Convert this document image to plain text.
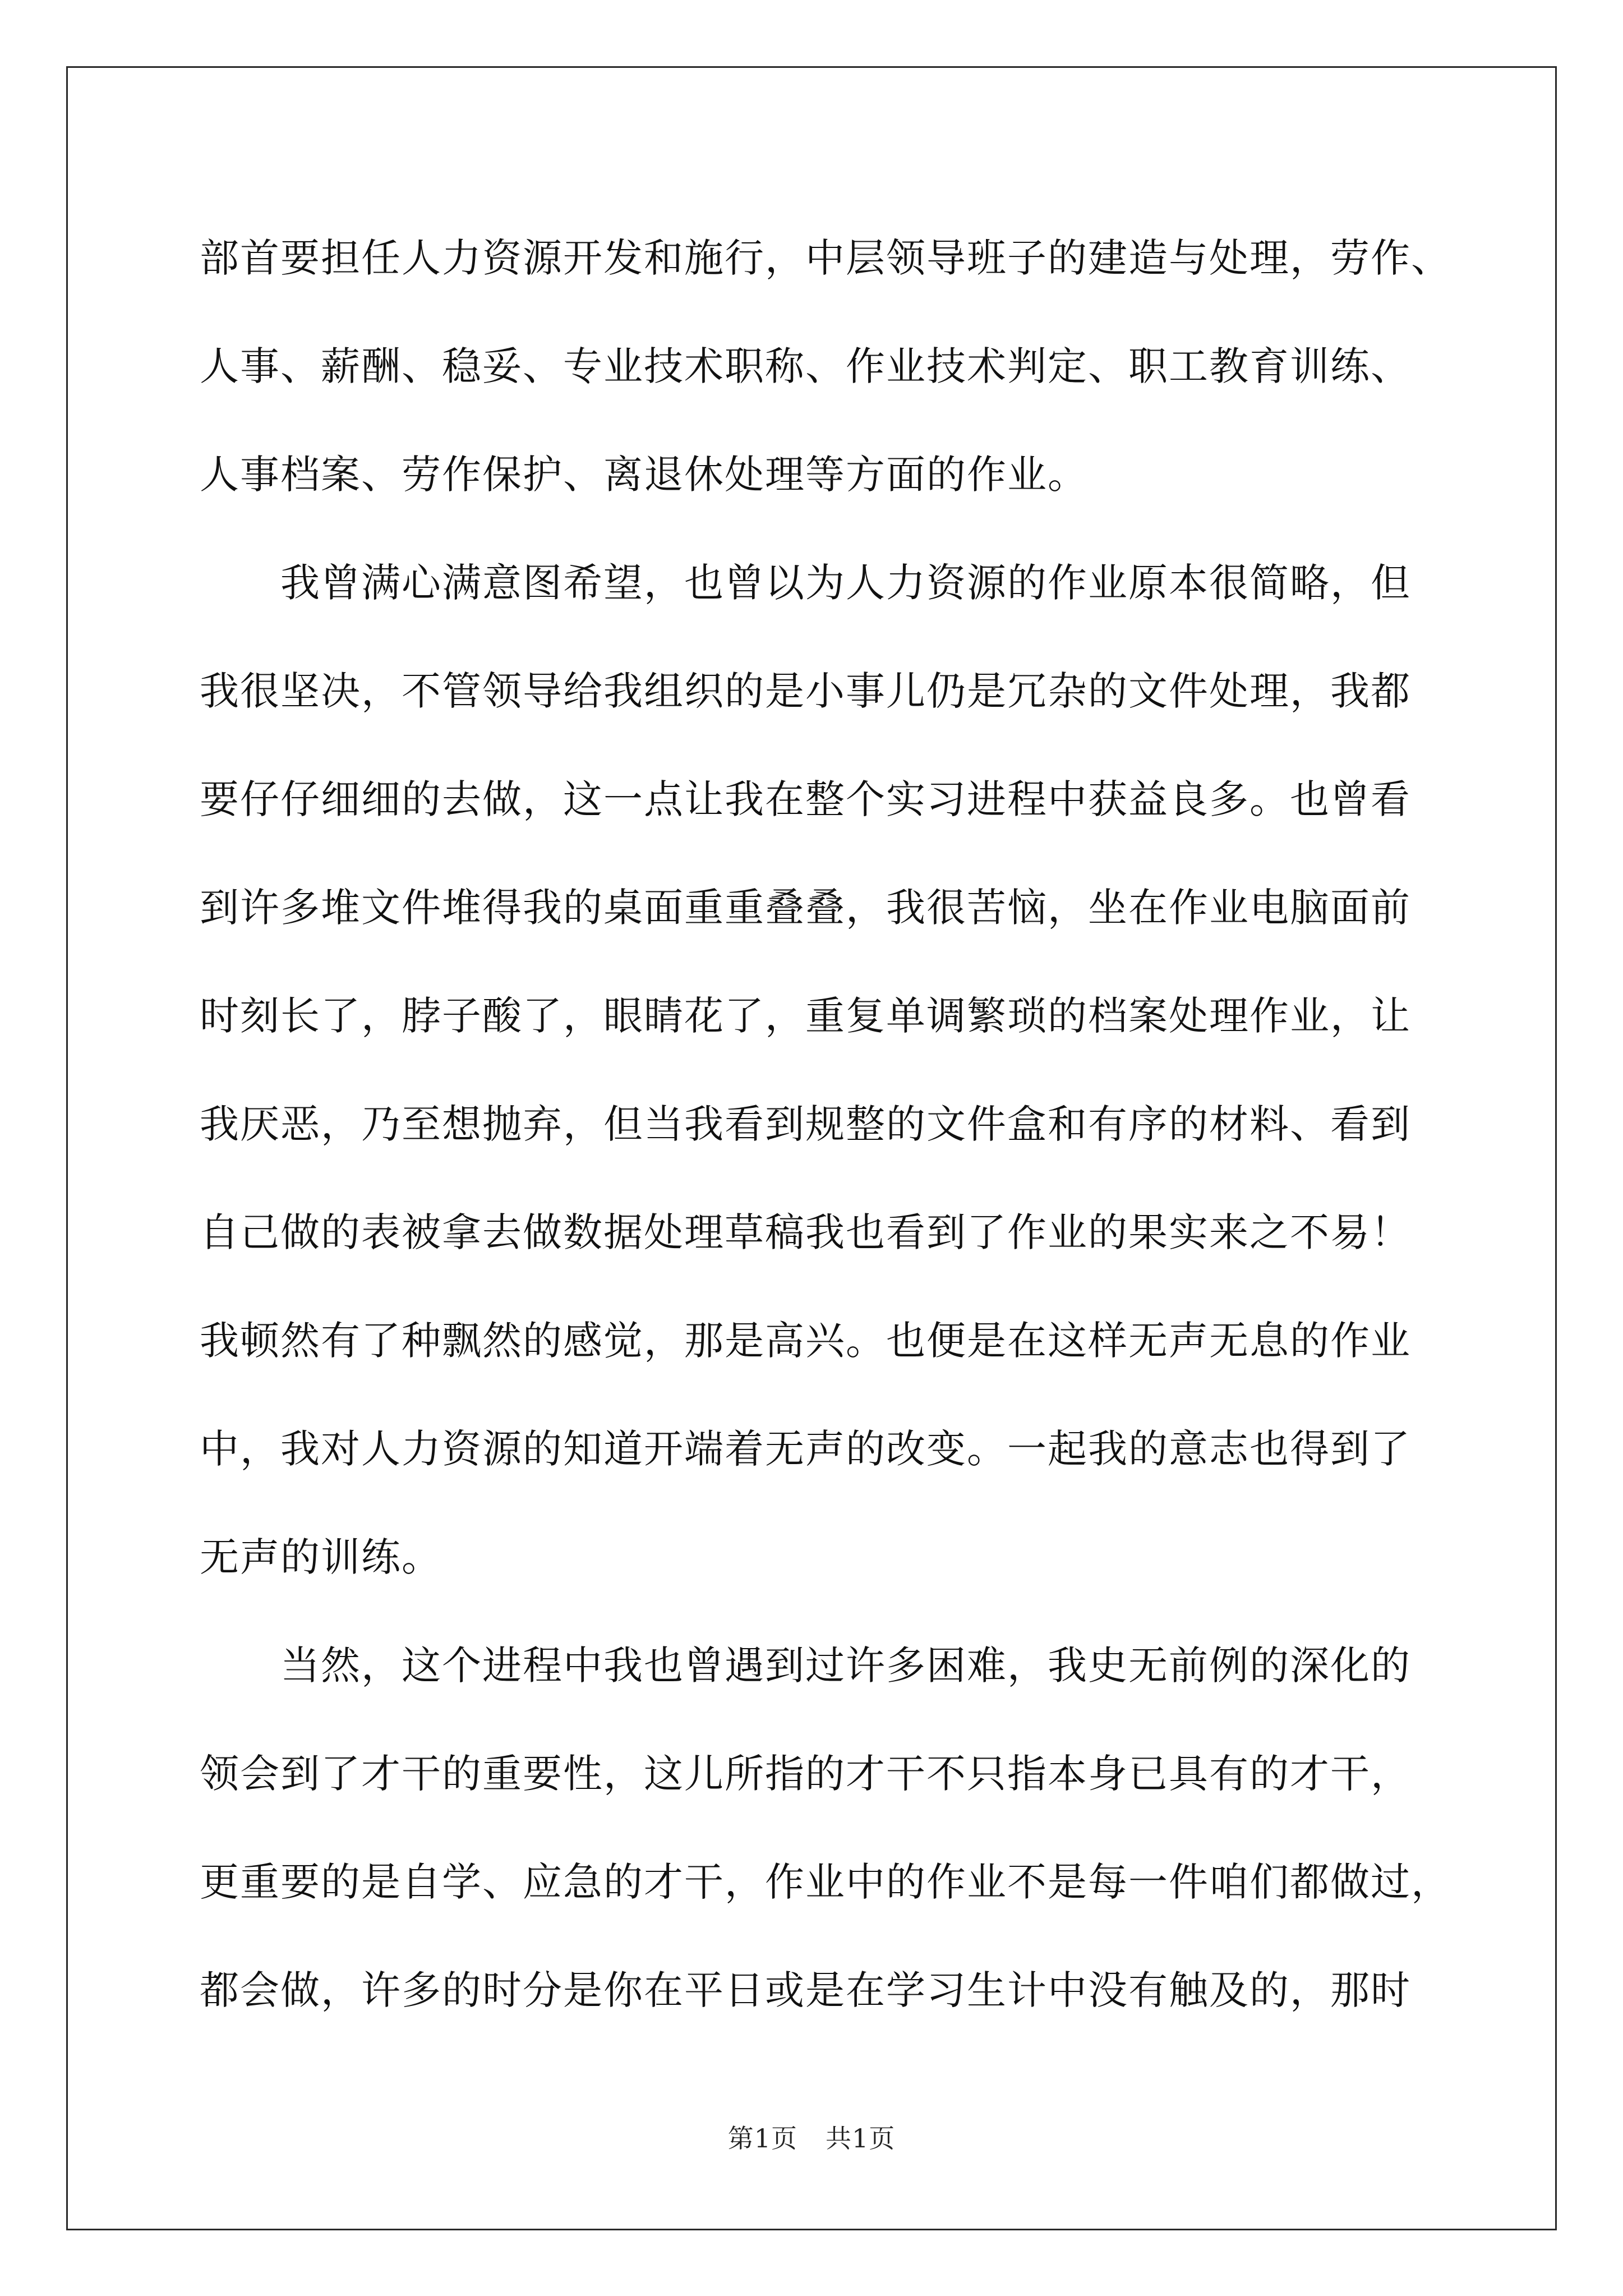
部首要担任人力资源开发和施行，中层领导班子的建造与处理，劳作、
人事、薪酬、稳妥、专业技术职称、作业技术判定、职工教育训练、
人事档案、劳作保护、离退休处理等方面的作业。
我曾满心满意图希望，也曾以为人力资源的作业原本很简略，但
我很坚决，不管领导给我组织的是小事儿仍是冗杂的文件处理，我都
要仔仔细细的去做，这一点让我在整个实习进程中获益良多。也曾看
到许多堆文件堆得我的桌面重重叠叠，我很苦恼，坐在作业电脑面前
时刻长了，脖子酸了，眼睛花了，重复单调繁琐的档案处理作业，让
我厌恶，乃至想抛弃，但当我看到规整的文件盒和有序的材料、看到
自己做的表被拿去做数据处理草稿我也看到了作业的果实来之不易！
我顿然有了种飘然的感觉，那是高兴。也便是在这样无声无息的作业
中，我对人力资源的知道开端着无声的改变。一起我的意志也得到了
无声的训练。
当然，这个进程中我也曾遇到过许多困难，我史无前例的深化的
领会到了才干的重要性，这儿所指的才干不只指本身已具有的才干，
更重要的是自学、应急的才干，作业中的作业不是每一件咱们都做过，
都会做，许多的时分是你在平日或是在学习生计中没有触及的，那时
第1页 共1页
